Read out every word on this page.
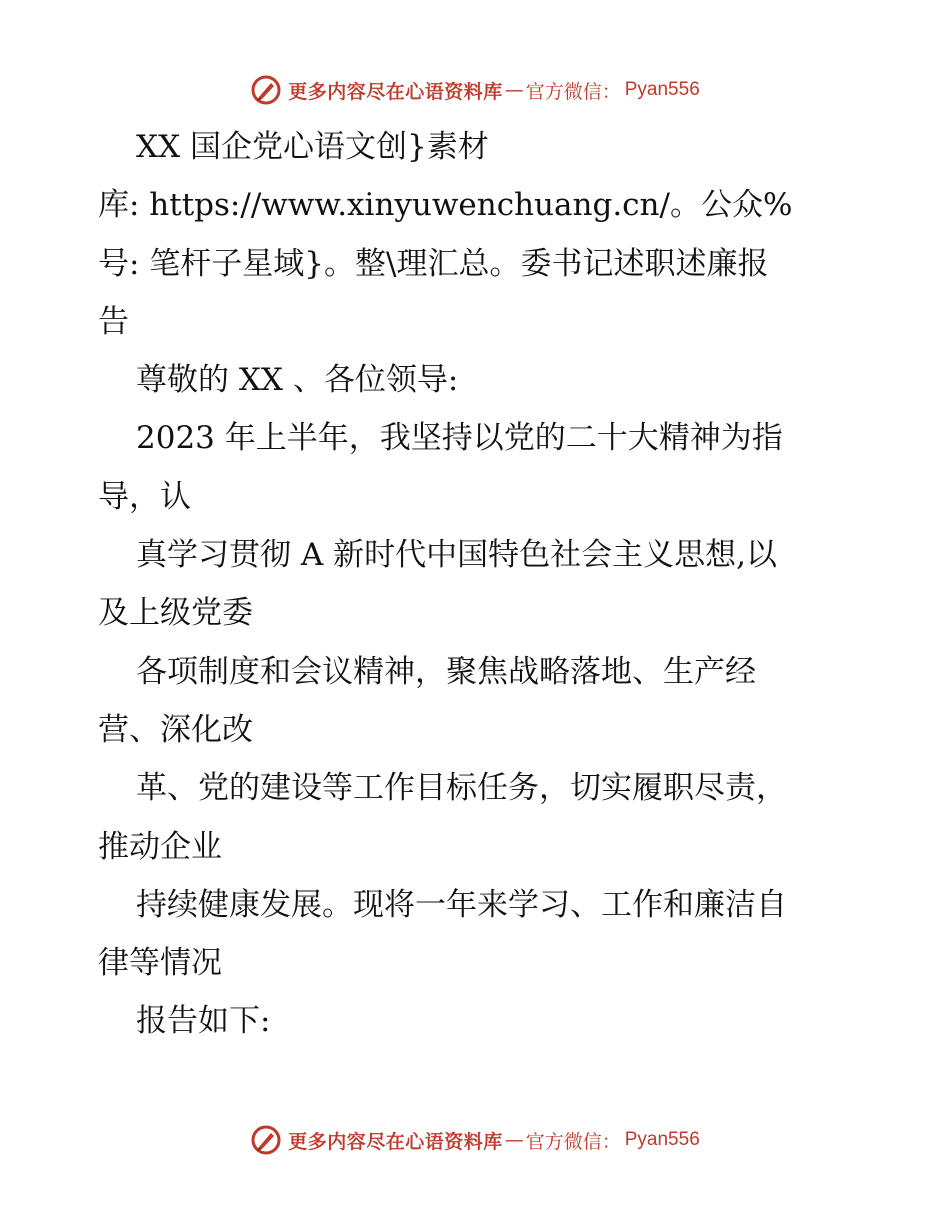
更多内容尽在心语资料库 — 官方微信： Pyan556
XX 国企党心语文创}素材
库: https://www.xinyuwenchuang.cn/。公众%
号: 笔杆子星域}。整\理汇总。委书记述职述廉报
告
尊敬的 XX 、各位领导:
2023 年上半年，我坚持以党的二十大精神为指
导，认
真学习贯彻 A 新时代中国特色社会主义思想,以
及上级党委
各项制度和会议精神，聚焦战略落地、生产经
营、深化改
革、党的建设等工作目标任务，切实履职尽责，
推动企业
持续健康发展。现将一年来学习、工作和廉洁自
律等情况
报告如下:
更多内容尽在心语资料库 — 官方微信： Pyan556
